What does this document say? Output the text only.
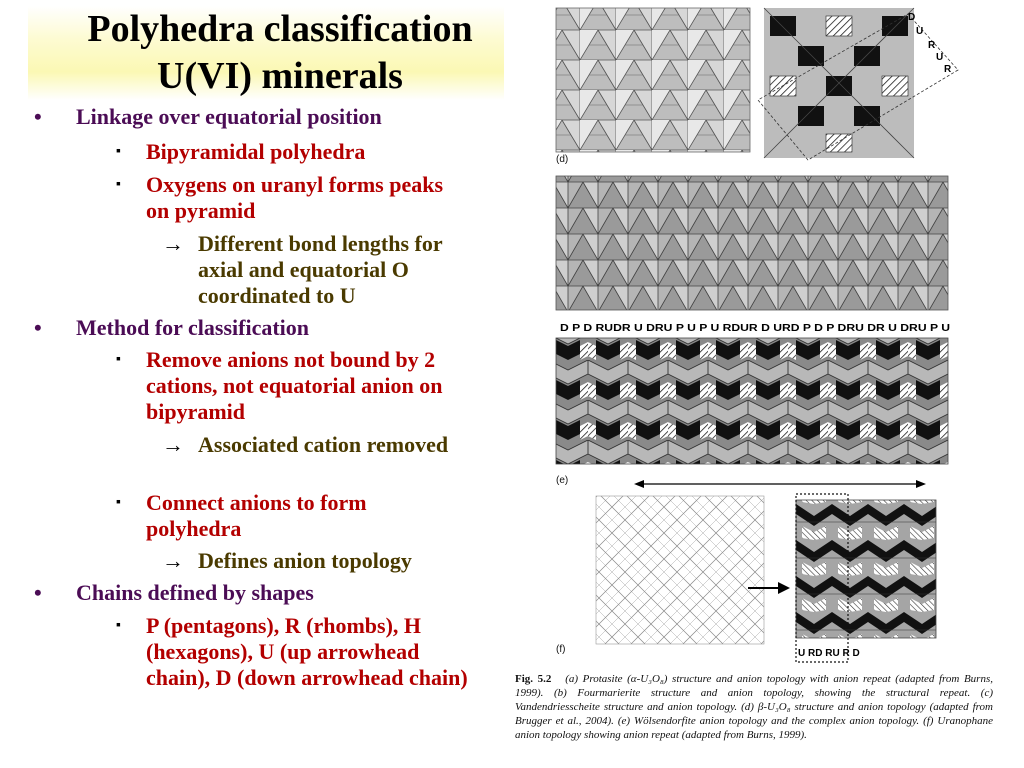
Polyhedra classification
U(VI) minerals
• Linkage over equatorial position
▪ Bipyramidal polyhedra
▪ Oxygens on uranyl forms peaks on pyramid
→ Different bond lengths for axial and equatorial O coordinated to U
• Method for classification
▪ Remove anions not bound by 2 cations, not equatorial anion on bipyramid
→ Associated cation removed
▪ Connect anions to form polyhedra
→ Defines anion topology
• Chains defined by shapes
▪ P (pentagons), R (rhombs), H (hexagons), U (up arrowhead chain), D (down arrowhead chain)
D
U
R
U
R
(d)
D P D RUDR U DRU P U P U RDUR D URD P D P DRU DR U DRU P U
(e)
U RD RU R D
(f)
Fig. 5.2 (a) Protasite (α-U₃O₈) structure and anion topology with anion repeat (adapted from Burns, 1999). (b) Fourmarierite structure and anion topology, showing the structural repeat. (c) Vandendriesscheite structure and anion topology. (d) β-U₃O₈ structure and anion topology (adapted from Brugger et al., 2004). (e) Wölsendorfite anion topology and the complex anion topology. (f) Uranophane anion topology showing anion repeat (adapted from Burns, 1999).
